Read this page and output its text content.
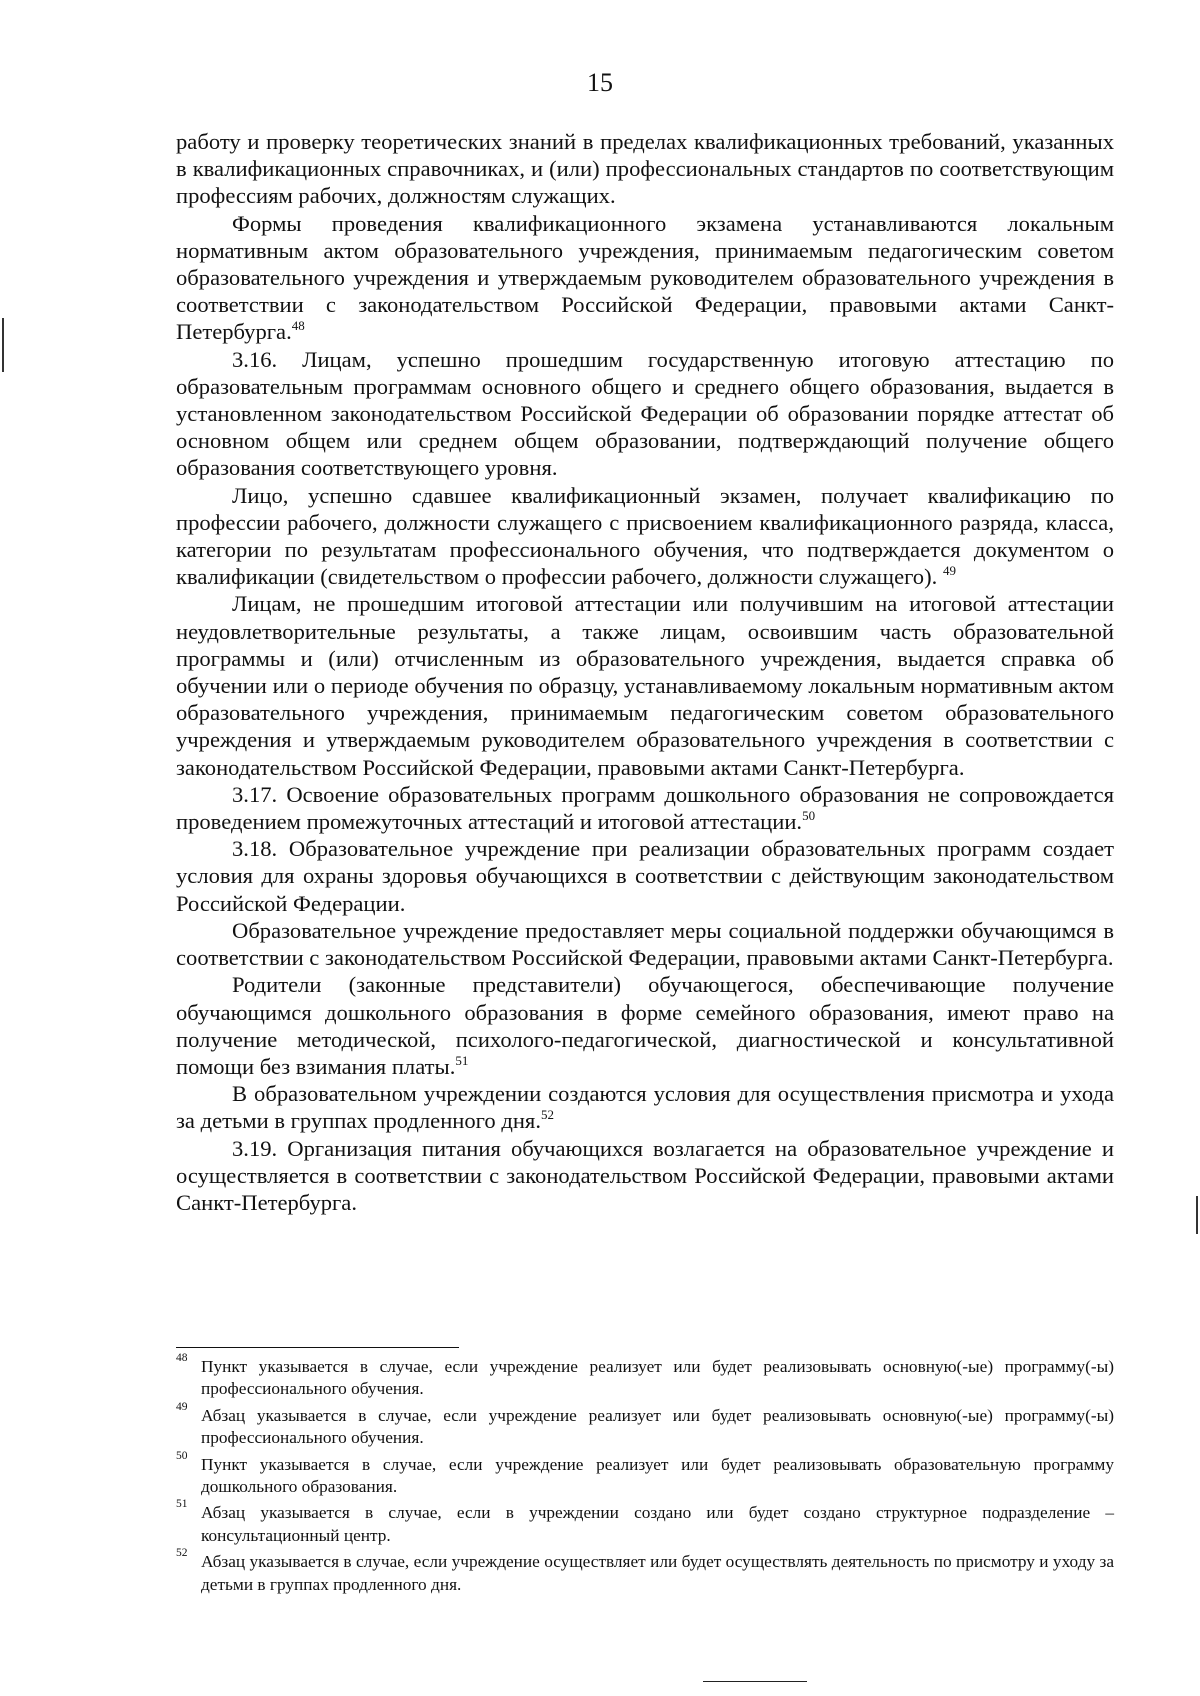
15

работу и проверку теоретических знаний в пределах квалификационных требований, указанных в квалификационных справочниках, и (или) профессиональных стандартов по соответствующим профессиям рабочих, должностям служащих.

Формы проведения квалификационного экзамена устанавливаются локальным нормативным актом образовательного учреждения, принимаемым педагогическим советом образовательного учреждения и утверждаемым руководителем образовательного учреждения в соответствии с законодательством Российской Федерации, правовыми актами Санкт-Петербурга.$^{48}$

3.16. Лицам, успешно прошедшим государственную итоговую аттестацию по образовательным программам основного общего и среднего общего образования, выдается в установленном законодательством Российской Федерации об образовании порядке аттестат об основном общем или среднем общем образовании, подтверждающий получение общего образования соответствующего уровня.

Лицо, успешно сдавшее квалификационный экзамен, получает квалификацию по профессии рабочего, должности служащего с присвоением квалификационного разряда, класса, категории по результатам профессионального обучения, что подтверждается документом о квалификации (свидетельством о профессии рабочего, должности служащего). $^{49}$

Лицам, не прошедшим итоговой аттестации или получившим на итоговой аттестации неудовлетворительные результаты, а также лицам, освоившим часть образовательной программы и (или) отчисленным из образовательного учреждения, выдается справка об обучении или о периоде обучения по образцу, устанавливаемому локальным нормативным актом образовательного учреждения, принимаемым педагогическим советом образовательного учреждения и утверждаемым руководителем образовательного учреждения в соответствии с законодательством Российской Федерации, правовыми актами Санкт-Петербурга.

3.17. Освоение образовательных программ дошкольного образования не сопровождается проведением промежуточных аттестаций и итоговой аттестации.$^{50}$

3.18. Образовательное учреждение при реализации образовательных программ создает условия для охраны здоровья обучающихся в соответствии с действующим законодательством Российской Федерации.

Образовательное учреждение предоставляет меры социальной поддержки обучающимся в соответствии с законодательством Российской Федерации, правовыми актами Санкт-Петербурга.

Родители (законные представители) обучающегося, обеспечивающие получение обучающимся дошкольного образования в форме семейного образования, имеют право на получение методической, психолого-педагогической, диагностической и консультативной помощи без взимания платы.$^{51}$

В образовательном учреждении создаются условия для осуществления присмотра и ухода за детьми в группах продленного дня.$^{52}$

3.19. Организация питания обучающихся возлагается на образовательное учреждение и осуществляется в соответствии с законодательством Российской Федерации, правовыми актами Санкт-Петербурга.

48 Пункт указывается в случае, если учреждение реализует или будет реализовывать основную(-ые) программу(-ы) профессионального обучения.
49 Абзац указывается в случае, если учреждение реализует или будет реализовывать основную(-ые) программу(-ы) профессионального обучения.
50 Пункт указывается в случае, если учреждение реализует или будет реализовывать образовательную программу дошкольного образования.
51 Абзац указывается в случае, если в учреждении создано или будет создано структурное подразделение – консультационный центр.
52 Абзац указывается в случае, если учреждение осуществляет или будет осуществлять деятельность по присмотру и уходу за детьми в группах продленного дня.
